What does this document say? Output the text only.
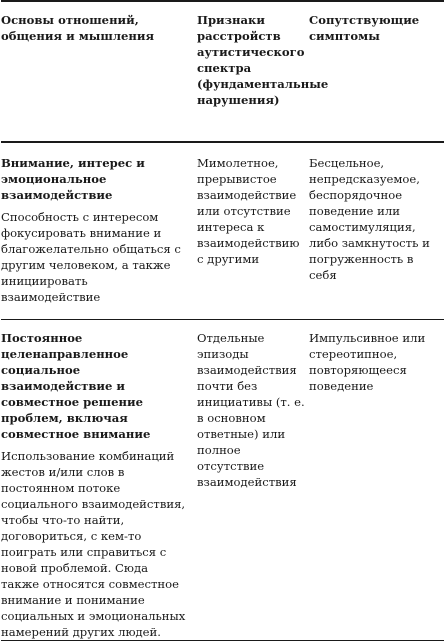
Основы отношений, общения и мышления	Признаки расстройств аутистического спектра (фундаментальные нарушения)	Сопутствующие симптомы

Внимание, интерес и эмоциональное взаимодействие
Способность с интересом фокусировать внимание и благожелательно общаться с другим человеком, а также инициировать взаимодействие	Мимолетное, прерывистое взаимодействие или отсутствие интереса к взаимодействию с другими	Бесцельное, непредсказуемое, беспорядочное поведение или самостимуляция, либо замкнутость и погруженность в себя

Постоянное целенаправленное социальное взаимодействие и совместное решение проблем, включая совместное внимание
Использование комбинаций жестов и/или слов в постоянном потоке социального взаимодействия, чтобы что-то найти, договориться, с кем-то поиграть или справиться с новой проблемой. Сюда также относятся совместное внимание и понимание социальных и эмоциональных намерений других людей.	Отдельные эпизоды взаимодействия почти без инициативы (т. е. в основном ответные) или полное отсутствие взаимодействия	Импульсивное или стереотипное, повторяющееся поведение
